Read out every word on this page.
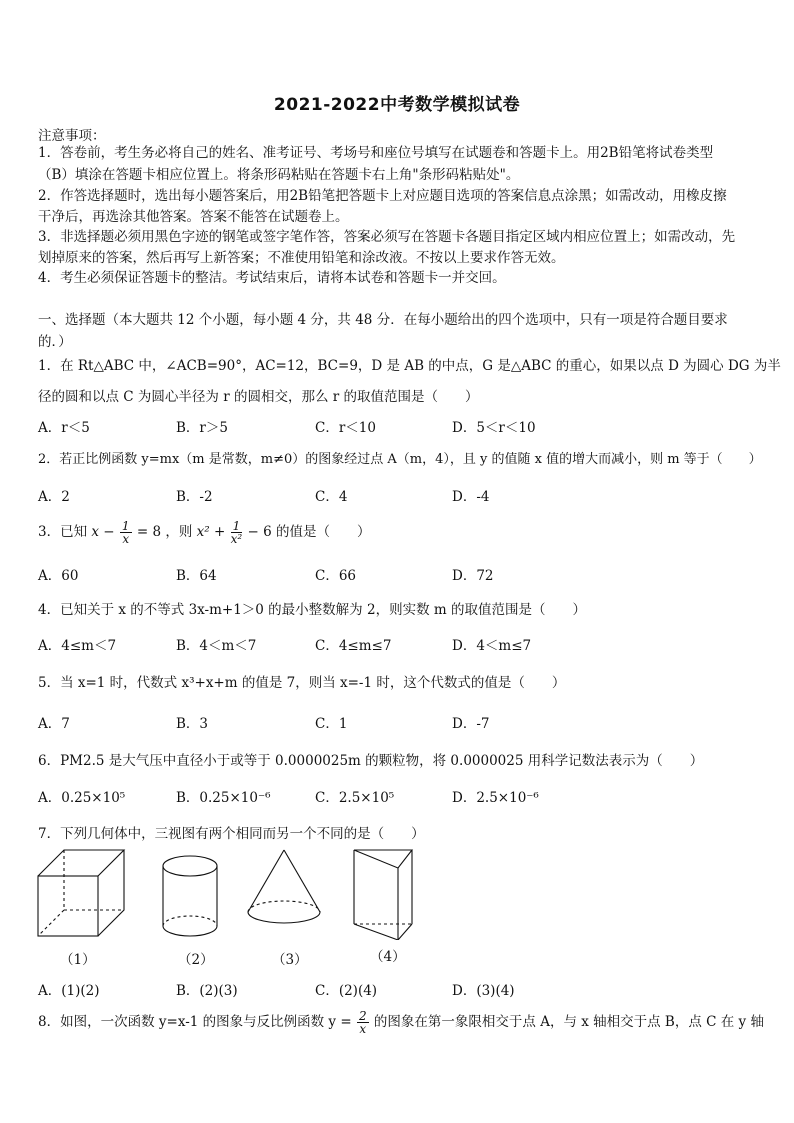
2021-2022中考数学模拟试卷
注意事项：
1．答卷前，考生务必将自己的姓名、准考证号、考场号和座位号填写在试题卷和答题卡上。用2B铅笔将试卷类型
（B）填涂在答题卡相应位置上。将条形码粘贴在答题卡右上角"条形码粘贴处"。
2．作答选择题时，选出每小题答案后，用2B铅笔把答题卡上对应题目选项的答案信息点涂黑；如需改动，用橡皮擦
干净后，再选涂其他答案。答案不能答在试题卷上。
3．非选择题必须用黑色字迹的钢笔或签字笔作答，答案必须写在答题卡各题目指定区域内相应位置上；如需改动，先
划掉原来的答案，然后再写上新答案；不准使用铅笔和涂改液。不按以上要求作答无效。
4．考生必须保证答题卡的整洁。考试结束后，请将本试卷和答题卡一并交回。
一、选择题（本大题共 12 个小题，每小题 4 分，共 48 分．在每小题给出的四个选项中，只有一项是符合题目要求
的．）
1．在 Rt△ABC 中，∠ACB=90°，AC=12，BC=9，D 是 AB 的中点，G 是△ABC 的重心，如果以点 D 为圆心 DG 为半
径的圆和以点 C 为圆心半径为 r 的圆相交，那么 r 的取值范围是（　　）
A．r＜5	B．r＞5	C．r＜10	D．5＜r＜10
2．若正比例函数 y=mx（m 是常数，m≠0）的图象经过点 A（m，4），且 y 的值随 x 值的增大而减小，则 m 等于（　　）
A．2	B．-2	C．4	D．-4
3．已知 $x - \frac{1}{x} = 8$ ，则 $x^2 + \frac{1}{\text{x²}} - 6$ 的值是（　　）
A．60	B．64	C．66	D．72
4．已知关于 x 的不等式 3x-m+1＞0 的最小整数解为 2，则实数 m 的取值范围是（　　）
A．4≤m＜7	B．4＜m＜7	C．4≤m≤7	D．4＜m≤7
5．当 x=1 时，代数式 x³+x+m 的值是 7，则当 x=-1 时，这个代数式的值是（　　）
A．7	B．3	C．1	D．-7
6．PM2.5 是大气压中直径小于或等于 0.0000025m 的颗粒物，将 0.0000025 用科学记数法表示为（　　）
A．0.25×10⁵	B．0.25×10⁻⁶	C．2.5×10⁵	D．2.5×10⁻⁶
7．下列几何体中，三视图有两个相同而另一个不同的是（　　）
（1）	（2）	（3）	（4）
A．(1)(2)	B．(2)(3)	C．(2)(4)	D．(3)(4)
8．如图，一次函数 y=x-1 的图象与反比例函数 $y = \frac{2}{x}$ 的图象在第一象限相交于点 A，与 x 轴相交于点 B，点 C 在 y 轴
